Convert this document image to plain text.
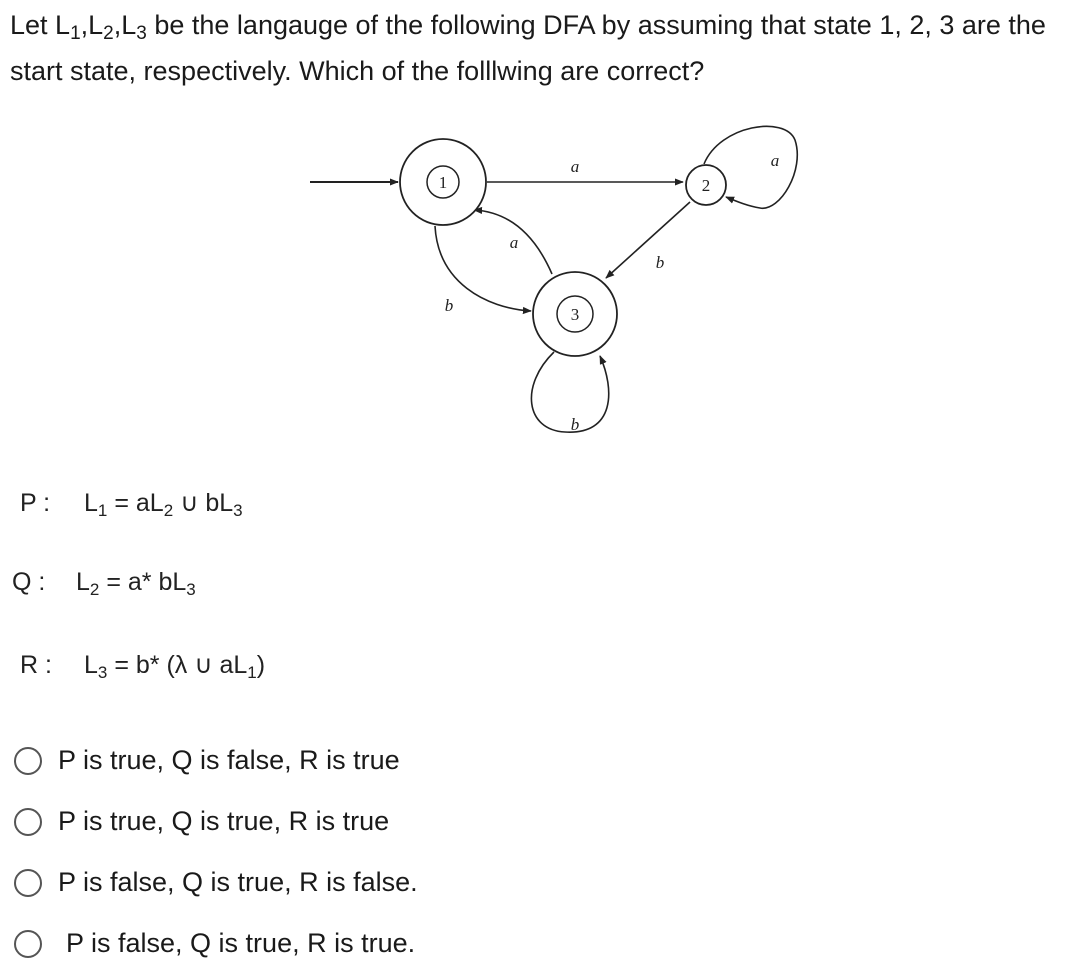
Let $L_1,L_2,L_3$ be the langauge of the following DFA by assuming that state 1, 2, 3 are the start state, respectively. Which of the folllwing are correct?
a	a
b
a
b
b
1	2
3
P : $L_1 = aL_2$ ∪ $bL_3$
Q : $L_2 = a*$ $bL_3$
R : $L_3 = b*$ (λ ∪ $aL_1$)
P is true, Q is false, R is true
P is true, Q is true, R is true
P is false, Q is true, R is false.
P is false, Q is true, R is true.
